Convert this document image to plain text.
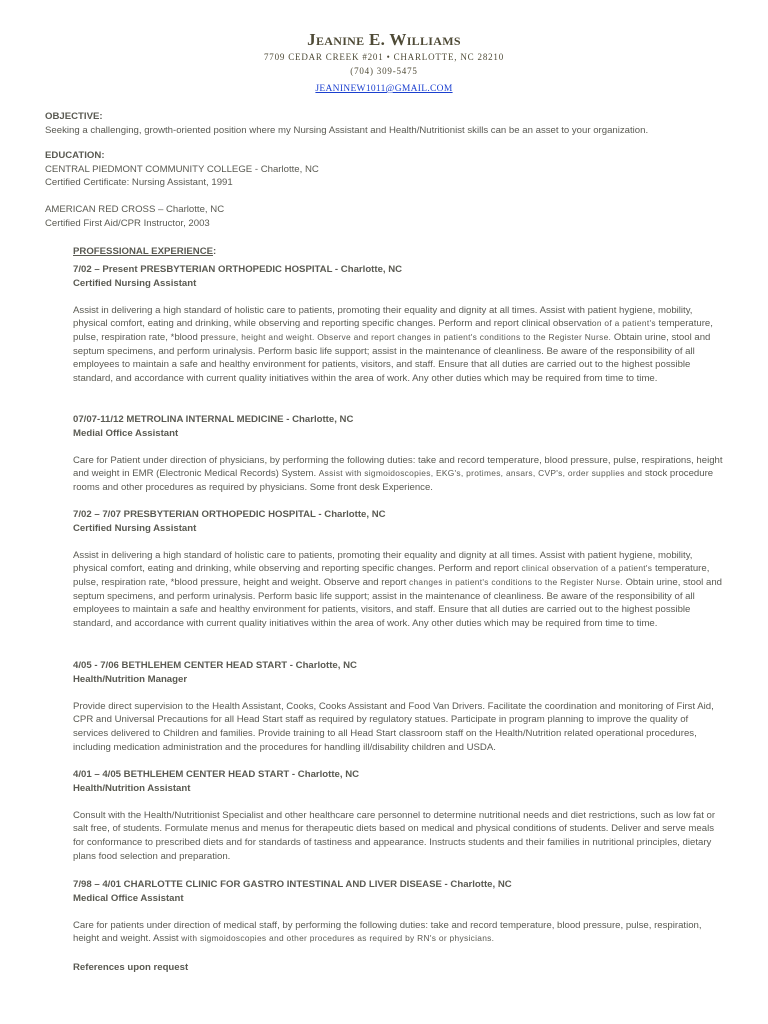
Jeanine E. Williams
7709 CEDAR CREEK #201 • CHARLOTTE, NC 28210
(704) 309-5475
JEANINEW1011@GMAIL.COM
OBJECTIVE:
Seeking a challenging, growth-oriented position where my Nursing Assistant and Health/Nutritionist skills can be an asset to your organization.
EDUCATION:
CENTRAL PIEDMONT COMMUNITY COLLEGE - Charlotte, NC
Certified Certificate: Nursing Assistant, 1991
AMERICAN RED CROSS – Charlotte, NC
Certified First Aid/CPR Instructor, 2003
PROFESSIONAL EXPERIENCE:
7/02 – Present PRESBYTERIAN ORTHOPEDIC HOSPITAL - Charlotte, NC
Certified Nursing Assistant
Assist in delivering a high standard of holistic care to patients, promoting their equality and dignity at all times. Assist with patient hygiene, mobility, physical comfort, eating and drinking, while observing and reporting specific changes. Perform and report clinical observation of a patient's temperature, pulse, respiration rate, *blood pressure, height and weight. Observe and report changes in patient's conditions to the Register Nurse. Obtain urine, stool and septum specimens, and perform urinalysis. Perform basic life support; assist in the maintenance of cleanliness. Be aware of the responsibility of all employees to maintain a safe and healthy environment for patients, visitors, and staff. Ensure that all duties are carried out to the highest possible standard, and accordance with current quality initiatives within the area of work. Any other duties which may be required from time to time.
07/07-11/12 METROLINA INTERNAL MEDICINE - Charlotte, NC
Medial Office Assistant
Care for Patient under direction of physicians, by performing the following duties: take and record temperature, blood pressure, pulse, respirations, height and weight in EMR (Electronic Medical Records) System. Assist with sigmoidoscopies, EKG's, protimes, ansars, CVP's, order supplies and stock procedure rooms and other procedures as required by physicians. Some front desk Experience.
7/02 – 7/07 PRESBYTERIAN ORTHOPEDIC HOSPITAL - Charlotte, NC
Certified Nursing Assistant
Assist in delivering a high standard of holistic care to patients, promoting their equality and dignity at all times. Assist with patient hygiene, mobility, physical comfort, eating and drinking, while observing and reporting specific changes. Perform and report clinical observation of a patient's temperature, pulse, respiration rate, *blood pressure, height and weight. Observe and report changes in patient's conditions to the Register Nurse. Obtain urine, stool and septum specimens, and perform urinalysis. Perform basic life support; assist in the maintenance of cleanliness. Be aware of the responsibility of all employees to maintain a safe and healthy environment for patients, visitors, and staff. Ensure that all duties are carried out to the highest possible standard, and accordance with current quality initiatives within the area of work. Any other duties which may be required from time to time.
4/05 - 7/06 BETHLEHEM CENTER HEAD START - Charlotte, NC
Health/Nutrition Manager
Provide direct supervision to the Health Assistant, Cooks, Cooks Assistant and Food Van Drivers. Facilitate the coordination and monitoring of First Aid, CPR and Universal Precautions for all Head Start staff as required by regulatory statues. Participate in program planning to improve the quality of services delivered to Children and families. Provide training to all Head Start classroom staff on the Health/Nutrition related operational procedures, including medication administration and the procedures for handling ill/disability children and USDA.
4/01 – 4/05 BETHLEHEM CENTER HEAD START - Charlotte, NC
Health/Nutrition Assistant
Consult with the Health/Nutritionist Specialist and other healthcare care personnel to determine nutritional needs and diet restrictions, such as low fat or salt free, of students. Formulate menus and menus for therapeutic diets based on medical and physical conditions of students. Deliver and serve meals for conformance to prescribed diets and for standards of tastiness and appearance. Instructs students and their families in nutritional principles, dietary plans food selection and preparation.
7/98 – 4/01 CHARLOTTE CLINIC FOR GASTRO INTESTINAL AND LIVER DISEASE - Charlotte, NC
Medical Office Assistant
Care for patients under direction of medical staff, by performing the following duties: take and record temperature, blood pressure, pulse, respiration, height and weight. Assist with sigmoidoscopies and other procedures as required by RN's or physicians.
References upon request
